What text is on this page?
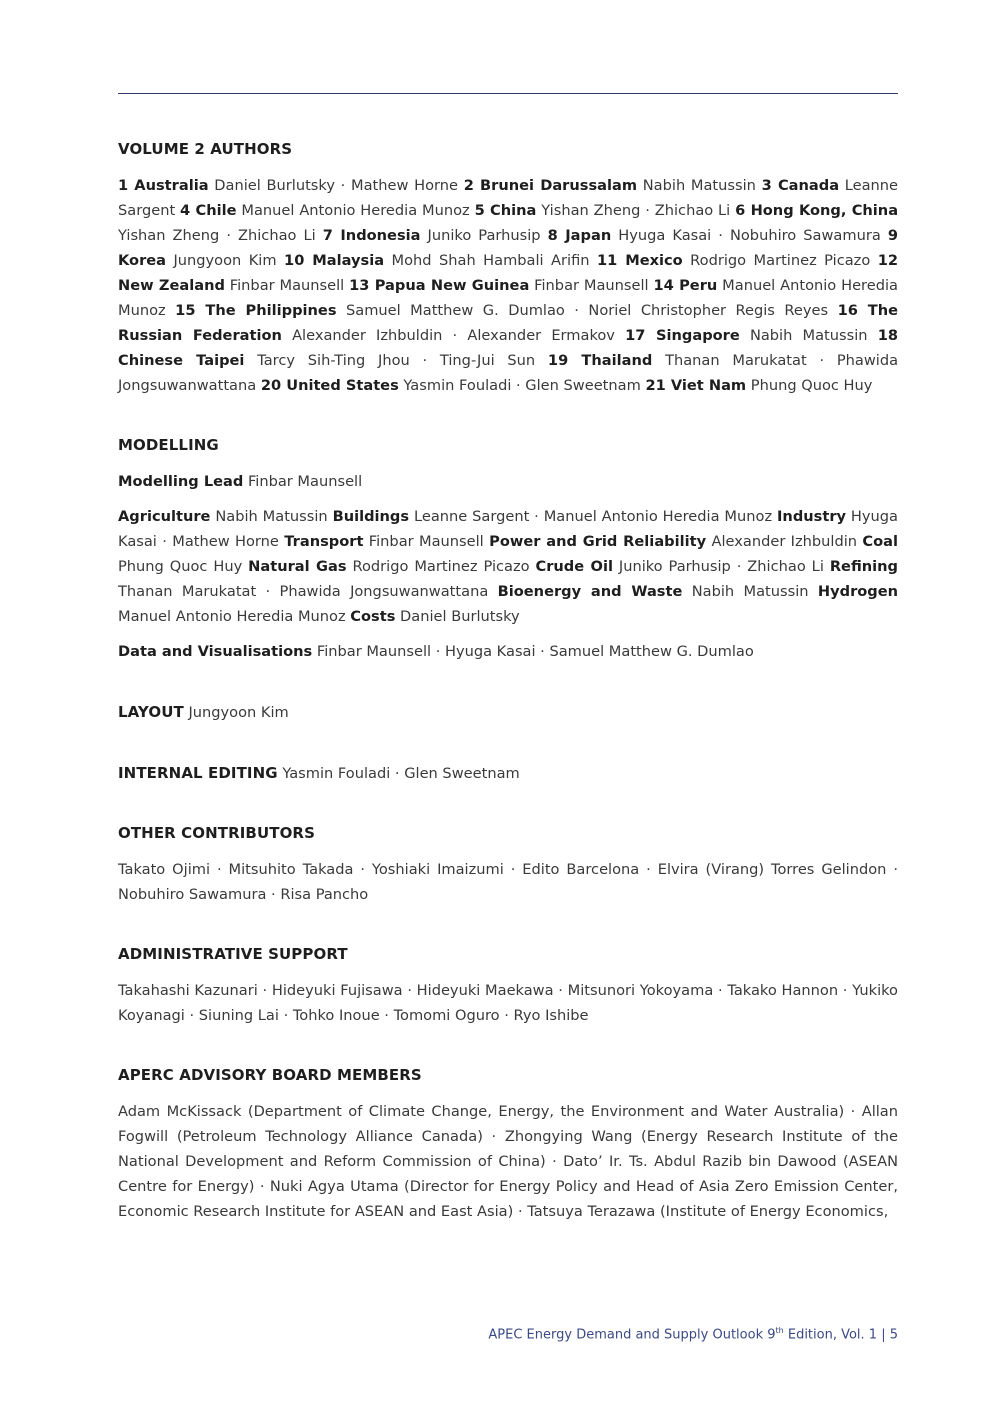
VOLUME 2 AUTHORS

1 Australia Daniel Burlutsky · Mathew Horne 2 Brunei Darussalam Nabih Matussin 3 Canada Leanne Sargent 4 Chile Manuel Antonio Heredia Munoz 5 China Yishan Zheng · Zhichao Li 6 Hong Kong, China Yishan Zheng · Zhichao Li 7 Indonesia Juniko Parhusip 8 Japan Hyuga Kasai · Nobuhiro Sawamura 9 Korea Jungyoon Kim 10 Malaysia Mohd Shah Hambali Arifin 11 Mexico Rodrigo Martinez Picazo 12 New Zealand Finbar Maunsell 13 Papua New Guinea Finbar Maunsell 14 Peru Manuel Antonio Heredia Munoz 15 The Philippines Samuel Matthew G. Dumlao · Noriel Christopher Regis Reyes 16 The Russian Federation Alexander Izhbuldin · Alexander Ermakov 17 Singapore Nabih Matussin 18 Chinese Taipei Tarcy Sih-Ting Jhou · Ting-Jui Sun 19 Thailand Thanan Marukatat · Phawida Jongsuwanwattana 20 United States Yasmin Fouladi · Glen Sweetnam 21 Viet Nam Phung Quoc Huy

MODELLING

Modelling Lead Finbar Maunsell

Agriculture Nabih Matussin Buildings Leanne Sargent · Manuel Antonio Heredia Munoz Industry Hyuga Kasai · Mathew Horne Transport Finbar Maunsell Power and Grid Reliability Alexander Izhbuldin Coal Phung Quoc Huy Natural Gas Rodrigo Martinez Picazo Crude Oil Juniko Parhusip · Zhichao Li Refining Thanan Marukatat · Phawida Jongsuwanwattana Bioenergy and Waste Nabih Matussin Hydrogen Manuel Antonio Heredia Munoz Costs Daniel Burlutsky

Data and Visualisations Finbar Maunsell · Hyuga Kasai · Samuel Matthew G. Dumlao

LAYOUT Jungyoon Kim

INTERNAL EDITING Yasmin Fouladi · Glen Sweetnam

OTHER CONTRIBUTORS

Takato Ojimi · Mitsuhito Takada · Yoshiaki Imaizumi · Edito Barcelona · Elvira (Virang) Torres Gelindon · Nobuhiro Sawamura · Risa Pancho

ADMINISTRATIVE SUPPORT

Takahashi Kazunari · Hideyuki Fujisawa · Hideyuki Maekawa · Mitsunori Yokoyama · Takako Hannon · Yukiko Koyanagi · Siuning Lai · Tohko Inoue · Tomomi Oguro · Ryo Ishibe

APERC ADVISORY BOARD MEMBERS

Adam McKissack (Department of Climate Change, Energy, the Environment and Water Australia) · Allan Fogwill (Petroleum Technology Alliance Canada) · Zhongying Wang (Energy Research Institute of the National Development and Reform Commission of China) · Dato’ Ir. Ts. Abdul Razib bin Dawood (ASEAN Centre for Energy) · Nuki Agya Utama (Director for Energy Policy and Head of Asia Zero Emission Center, Economic Research Institute for ASEAN and East Asia) · Tatsuya Terazawa (Institute of Energy Economics,

APEC Energy Demand and Supply Outlook 9th Edition, Vol. 1 | 5
